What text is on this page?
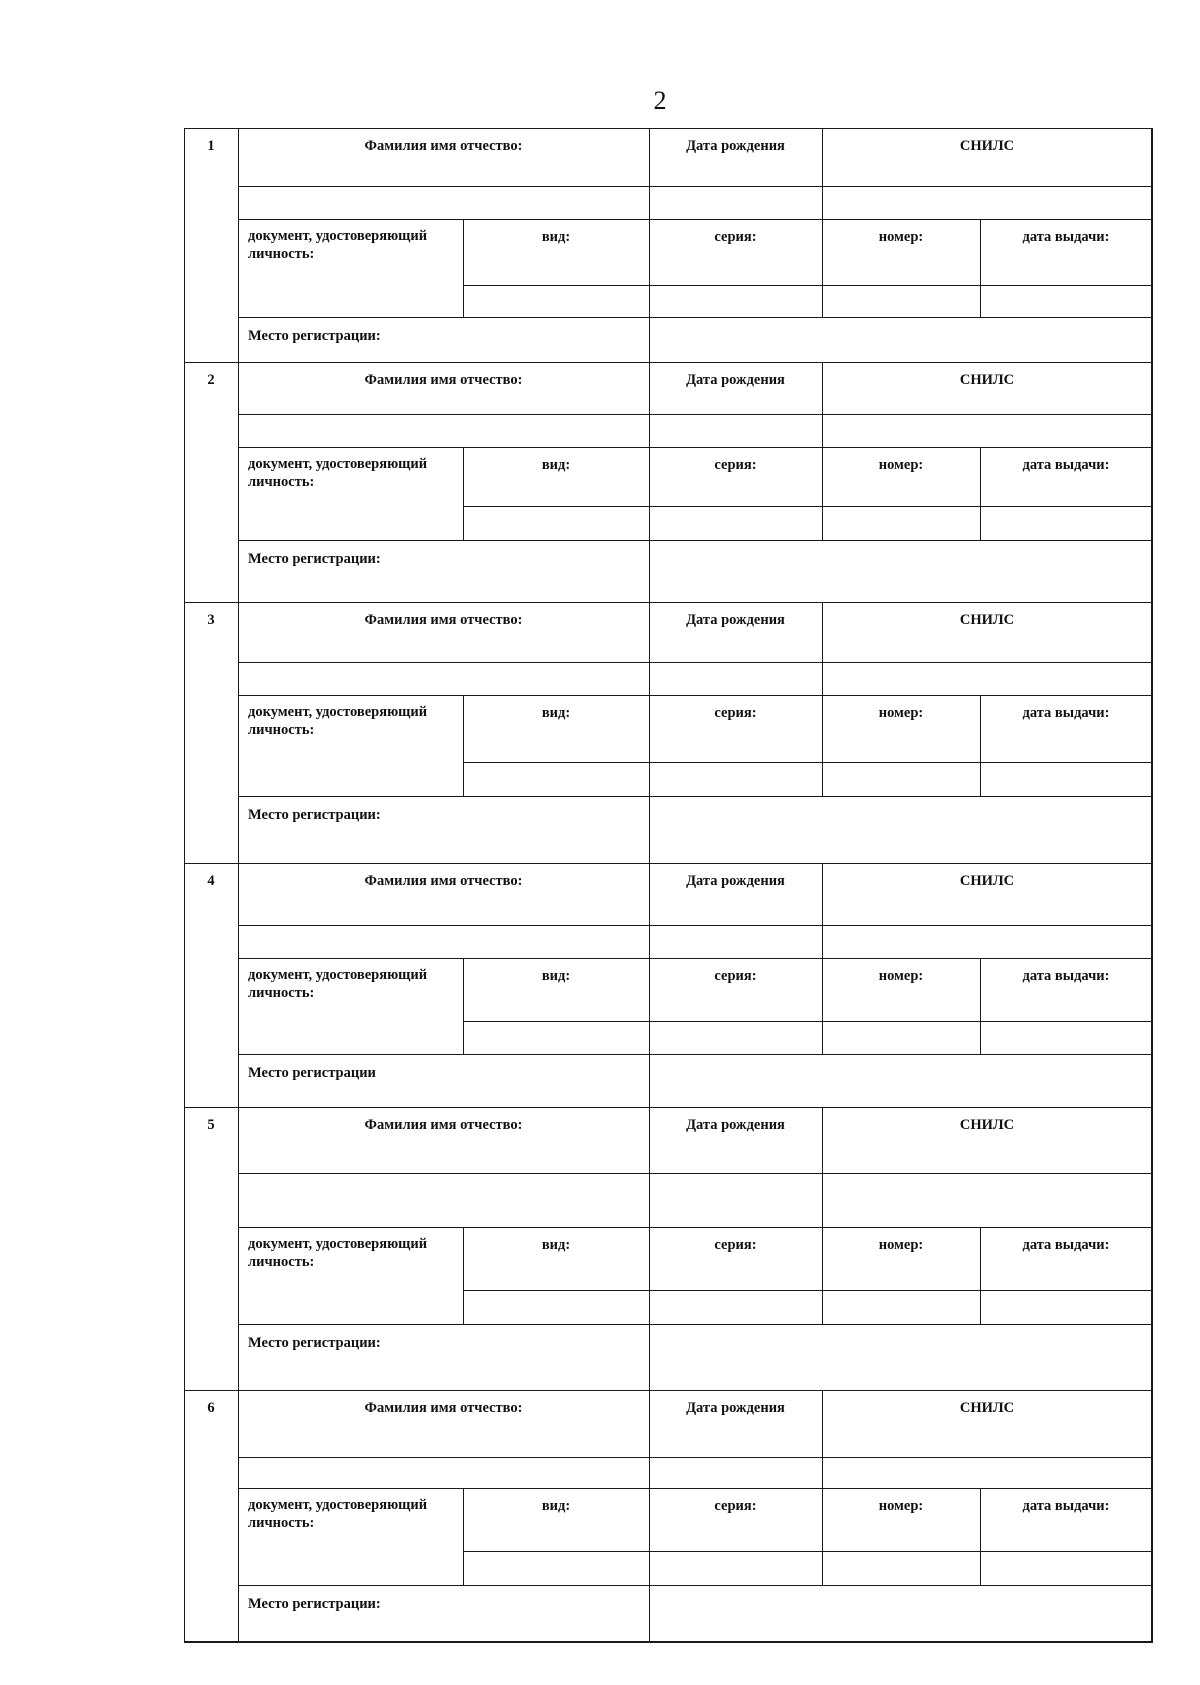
2
1	Фамилия имя отчество:	Дата рождения	СНИЛС
документ, удостоверяющий личность:
вид:	серия:	номер:	дата выдачи:
Место регистрации:
2	Фамилия имя отчество:	Дата рождения	СНИЛС
документ, удостоверяющий личность:
вид:	серия:	номер:	дата выдачи:
Место регистрации:
3	Фамилия имя отчество:	Дата рождения	СНИЛС
документ, удостоверяющий личность:
вид:	серия:	номер:	дата выдачи:
Место регистрации:
4	Фамилия имя отчество:	Дата рождения	СНИЛС
документ, удостоверяющий личность:
вид:	серия:	номер:	дата выдачи:
Место регистрации
5	Фамилия имя отчество:	Дата рождения	СНИЛС
документ, удостоверяющий личность:
вид:	серия:	номер:	дата выдачи:
Место регистрации:
6	Фамилия имя отчество:	Дата рождения	СНИЛС
документ, удостоверяющий личность:
вид:	серия:	номер:	дата выдачи:
Место регистрации:
